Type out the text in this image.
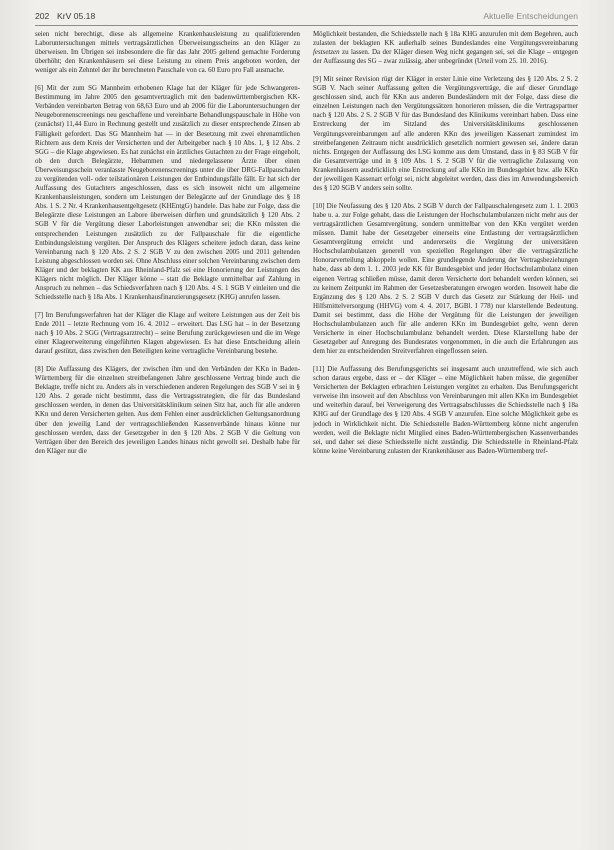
202 KrV 05.18	Aktuelle Entscheidungen

seien nicht berechtigt, diese als allgemeine Krankenhausleistung zu qualifizierenden Laboruntersuchungen mittels vertragsärztlichen Überweisungsscheins an den Kläger zu überweisen. Im Übrigen sei insbesondere die für das Jahr 2005 geltend gemachte Forderung überhöht; den Krankenhäusern sei diese Leistung zu einem Preis angeboten worden, der weniger als ein Zehntel der ihr berechneten Pauschale von ca. 60 Euro pro Fall ausmache.

[6] Mit der zum SG Mannheim erhobenen Klage hat der Kläger für jede Schwangeren-Bestimmung im Jahre 2005 den gesamtvertraglich mit den badenwürttembergischen KK-Verbänden vereinbarten Betrag von 68,63 Euro und ab 2006 für die Laboruntersuchungen der Neugeborenenscreenings neu geschaffene und vereinbarte Behandlungspauschale in Höhe von (zunächst) 11,44 Euro in Rechnung gestellt und zusätzlich zu dieser entsprechende Zinsen ab Fälligkeit gefordert. Das SG Mannheim hat — in der Besetzung mit zwei ehrenamtlichen Richtern aus dem Kreis der Versicherten und der Arbeitgeber nach § 10 Abs. 1, § 12 Abs. 2 SGG – die Klage abgewiesen. Es hat zunächst ein ärztliches Gutachten zu der Frage eingeholt, ob den durch Belegärzte, Hebammen und niedergelassene Ärzte über einen Überweisungsschein veranlasste Neugeborenenscreenings unter die über DRG-Fallpauschalen zu vergütenden voll- oder teilstationären Leistungen der Entbindungsfälle fällt. Er hat sich der Auffassung des Gutachters angeschlossen, dass es sich insoweit nicht um allgemeine Krankenhausleistungen, sondern um Leistungen der Belegärzte auf der Grundlage des § 18 Abs. 1 S. 2 Nr. 4 Krankenhausentgeltgesetz (KHEntgG) handele. Das habe zur Folge, dass die Belegärzte diese Leistungen an Labore überweisen dürften und grundsätzlich § 120 Abs. 2 SGB V für die Vergütung dieser Laborleistungen anwendbar sei; die KKn müssten die entsprechenden Leistungen zusätzlich zu der Fallpauschale für die eigentliche Entbindungsleistung vergüten. Der Anspruch des Klägers scheitere jedoch daran, dass keine Vereinbarung nach § 120 Abs. 2 S. 2 SGB V zu den zwischen 2005 und 2011 geltenden Leistung abgeschlossen worden sei. Ohne Abschluss einer solchen Vereinbarung zwischen dem Kläger und der beklagten KK aus Rheinland-Pfalz sei eine Honorierung der Leistungen des Klägers nicht möglich. Der Kläger könne – statt die Beklagte unmittelbar auf Zahlung in Anspruch zu nehmen – das Schiedsverfahren nach § 120 Abs. 4 S. 1 SGB V einleiten und die Schiedsstelle nach § 18a Abs. 1 Krankenhausfinanzierungsgesetz (KHG) anrufen lassen.

[7] Im Berufungsverfahren hat der Kläger die Klage auf weitere Leistungen aus der Zeit bis Ende 2011 – letzte Rechnung vom 16. 4. 2012 – erweitert. Das LSG hat – in der Besetzung nach § 10 Abs. 2 SGG (Vertragsarztrecht) – seine Berufung zurückgewiesen und die im Wege einer Klageerweiterung eingeführten Klagen abgewiesen. Es hat diese Entscheidung allein darauf gestützt, dass zwischen den Beteiligten keine vertragliche Vereinbarung bestehe.

[8] Die Auffassung des Klägers, der zwischen ihm und den Verbänden der KKn in Baden-Württemberg für die einzelnen streitbefangenen Jahre geschlossene Vertrag binde auch die Beklagte, treffe nicht zu. Anders als in verschiedenen anderen Regelungen des SGB V sei in § 120 Abs. 2 gerade nicht bestimmt, dass die Vertragsstrategien, die für das Bundesland geschlossen werden, in denen das Universitätsklinikum seinen Sitz hat, auch für alle anderen KKn und deren Versicherten gelten. Aus dem Fehlen einer ausdrücklichen Geltungsanordnung über den jeweilig Land der vertragsschließenden Kassenverbände hinaus könne nur geschlossen werden, dass der Gesetzgeber in den § 120 Abs. 2 SGB V die Geltung von Verträgen über den Bereich des jeweiligen Landes hinaus nicht gewollt sei. Deshalb habe für den Kläger nur die

Möglichkeit bestanden, die Schiedsstelle nach § 18a KHG anzurufen mit dem Begehren, auch zulasten der beklagten KK außerhalb seines Bundeslandes eine Vergütungsvereinbarung festsetzen zu lassen. Da der Kläger diesen Weg nicht gegangen sei, sei die Klage – entgegen der Auffassung des SG – zwar zulässig, aber unbegründet (Urteil vom 25. 10. 2016).

[9] Mit seiner Revision rügt der Kläger in erster Linie eine Verletzung des § 120 Abs. 2 S. 2 SGB V. Nach seiner Auffassung gelten die Vergütungsverträge, die auf dieser Grundlage geschlossen sind, auch für KKn aus anderen Bundesländern mit der Folge, dass diese die einzelnen Leistungen nach den Vergütungssätzen honorieren müssen, die die Vertragspartner nach § 120 Abs. 2 S. 2 SGB V für das Bundesland des Klinikums vereinbart haben. Dass eine Erstreckung der im Sitzland des Universitätsklinikums geschlossenen Vergütungsvereinbarungen auf alle anderen KKn des jeweiligen Kassenart zumindest im streitbefangenen Zeitraum nicht ausdrücklich gesetzlich normiert gewesen sei, ändere daran nichts. Entgegen der Auffassung des LSG komme aus dem Umstand, dass in § 83 SGB V für die Gesamtverträge und in § 109 Abs. 1 S. 2 SGB V für die vertragliche Zulassung von Krankenhäusern ausdrücklich eine Erstreckung auf alle KKn im Bundesgebiet bzw. alle KKn der jeweiligen Kassenart erfolgt sei, nicht abgeleitet werden, dass dies im Anwendungsbereich des § 120 SGB V anders sein sollte.

[10] Die Neufassung des § 120 Abs. 2 SGB V durch der Fallpauschalengesetz zum 1. 1. 2003 habe u. a. zur Folge gehabt, dass die Leistungen der Hochschulambulanzen nicht mehr aus der vertragsärztlichen Gesamtvergütung, sondern unmittelbar von den KKn vergütet werden müssen. Damit habe der Gesetzgeber einerseits eine Entlastung der vertragsärztlichen Gesamtvergütung erreicht und andererseits die Vergütung der universitären Hochschulambulanzen generell von speziellen Regelungen über die vertragsärztliche Honorarverteilung abkoppeln wollen. Eine grundlegende Änderung der Vertragsbeziehungen habe, dass ab dem 1. 1. 2003 jede KK für Bundesgebiet und jeder Hochschulambulanz einen eigenen Vertrag schließen müsse, damit deren Versicherte dort behandelt werden können, sei zu keinem Zeitpunkt im Rahmen der Gesetzesberatungen erwogen worden. Insoweit habe die Ergänzung des § 120 Abs. 2 S. 2 SGB V durch das Gesetz zur Stärkung der Heil- und Hilfsmittelversorgung (HHVG) vom 4. 4. 2017, BGBl. I 778) nur klarstellende Bedeutung. Damit sei bestimmt, dass die Höhe der Vergütung für die Leistungen der jeweiligen Hochschulambulanzen auch für alle anderen KKn im Bundesgebiet gelte, wenn deren Versicherte in einer Hochschulambulanz behandelt werden. Diese Klarstellung habe der Gesetzgeber auf Anregung des Bundesrates vorgenommen, in die auch die Erfahrungen aus dem hier zu entscheidenden Streitverfahren eingeflossen seien.

[11] Die Auffassung des Berufungsgerichts sei insgesamt auch unzutreffend, wie sich auch schon daraus ergebe, dass er – der Kläger – eine Möglichkeit haben müsse, die gegenüber Versicherten der Beklagten erbrachten Leistungen vergütet zu erhalten. Das Berufungsgericht verweise ihn insoweit auf den Abschluss von Vereinbarungen mit allen KKn im Bundesgebiet und weiterhin darauf, bei Verweigerung des Vertragsabschlusses die Schiedsstelle nach § 18a KHG auf der Grundlage des § 120 Abs. 4 SGB V anzurufen. Eine solche Möglichkeit gebe es jedoch in Wirklichkeit nicht. Die Schiedsstelle Baden-Württemberg könne nicht angerufen werden, weil die Beklagte nicht Mitglied eines Baden-Württembergischen Kassenverbandes sei, und daher sei diese Schiedsstelle nicht zuständig. Die Schiedsstelle in Rheinland-Pfalz könne keine Vereinbarung zulasten der Krankenhäuser aus Baden-Württemberg tref-
